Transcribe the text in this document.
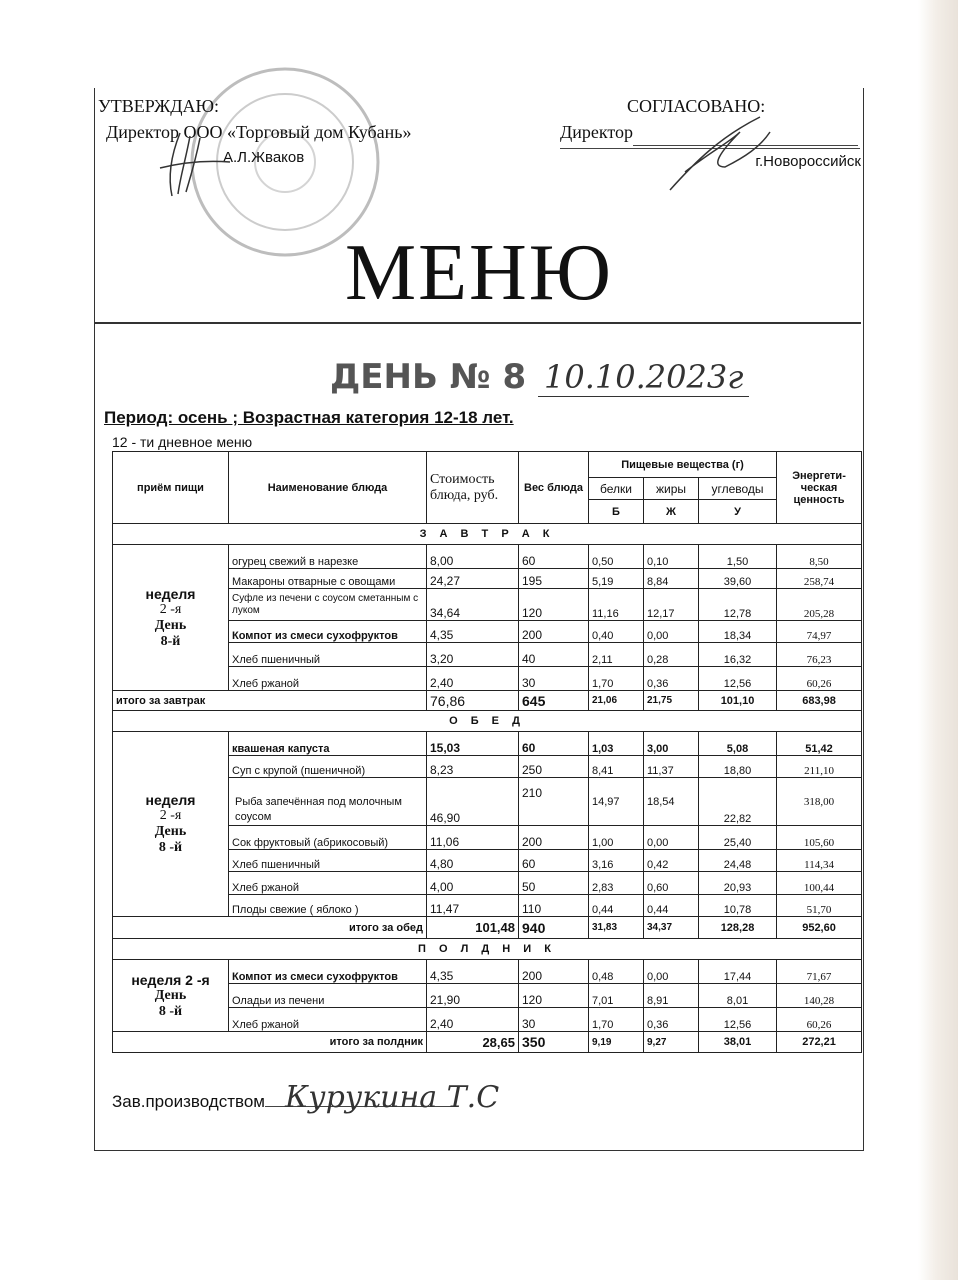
УТВЕРЖДАЮ:
Директор ООО «Торговый дом Кубань»
А.Л.Жваков
СОГЛАСОВАНО:
Директор
г.Новороссийск
МЕНЮ
ДЕНЬ № 8 10.10.2023г
Период: осень ; Возрастная категория 12-18 лет.
12 - ти дневное меню
приём пищи	Наименование блюда	Стоимость блюда, руб.	Вес блюда	Пищевые вещества (г)			Энергети-ческая ценность
				белки	жиры	углеводы	
				Б	Ж	У	
З А В Т Р А К							

неделя
2 -я
День
8-й	огурец свежий в нарезке	8,00	60	0,50	0,10	1,50	8,50
	Макароны отварные с овощами	24,27	195	5,19	8,84	39,60	258,74
	Суфле из печени с соусом сметанным с луком	34,64	120	11,16	12,17	12,78	205,28
	Компот из смеси сухофруктов	4,35	200	0,40	0,00	18,34	74,97
	Хлеб пшеничный	3,20	40	2,11	0,28	16,32	76,23
	Хлеб ржаной	2,40	30	1,70	0,36	12,56	60,26
итого за завтрак		76,86	645	21,06	21,75	101,10	683,98
О Б Е Д							

неделя
2 -я
День
8 -й	квашеная капуста	15,03	60	1,03	3,00	5,08	51,42
	Суп с крупой (пшеничной)	8,23	250	8,41	11,37	18,80	211,10
	Рыба запечённая под молочным соусом	46,90	210	14,97	18,54	22,82	318,00
	Сок фруктовый (абрикосовый)	11,06	200	1,00	0,00	25,40	105,60
	Хлеб пшеничный	4,80	60	3,16	0,42	24,48	114,34
	Хлеб ржаной	4,00	50	2,83	0,60	20,93	100,44
	Плоды свежие ( яблоко )	11,47	110	0,44	0,44	10,78	51,70
итого за обед		101,48	940	31,83	34,37	128,28	952,60
П О Л Д Н И К							

неделя 2 -я
День
8 -й	Компот из смеси сухофруктов	4,35	200	0,48	0,00	17,44	71,67
	Оладьи из печени	21,90	120	7,01	8,91	8,01	140,28
	Хлеб ржаной	2,40	30	1,70	0,36	12,56	60,26
итого за полдник		28,65	350	9,19	9,27	38,01	272,21
Зав.производством Курукина Т.С
